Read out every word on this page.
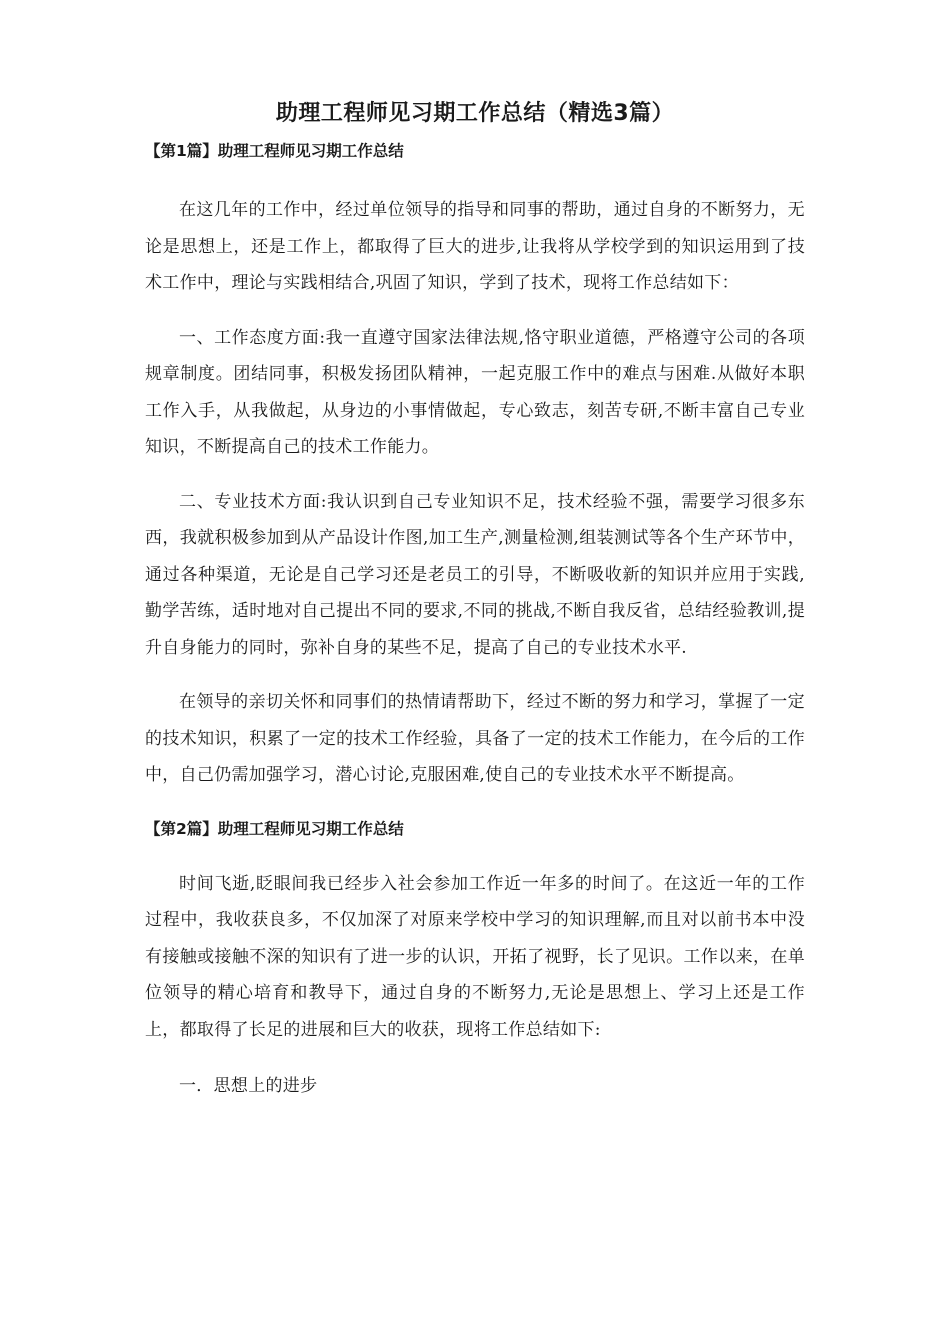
助理工程师见习期工作总结（精选3篇）
【第1篇】助理工程师见习期工作总结

在这几年的工作中，经过单位领导的指导和同事的帮助，通过自身的不断努力，无论是思想上，还是工作上，都取得了巨大的进步,让我将从学校学到的知识运用到了技术工作中，理论与实践相结合,巩固了知识，学到了技术，现将工作总结如下：

一、工作态度方面:我一直遵守国家法律法规,恪守职业道德，严格遵守公司的各项规章制度。团结同事，积极发扬团队精神，一起克服工作中的难点与困难.从做好本职工作入手，从我做起，从身边的小事情做起，专心致志，刻苦专研,不断丰富自己专业知识，不断提高自己的技术工作能力。

二、专业技术方面:我认识到自己专业知识不足，技术经验不强，需要学习很多东西，我就积极参加到从产品设计作图,加工生产,测量检测,组装测试等各个生产环节中，通过各种渠道，无论是自己学习还是老员工的引导，不断吸收新的知识并应用于实践,勤学苦练，适时地对自己提出不同的要求,不同的挑战,不断自我反省，总结经验教训,提升自身能力的同时，弥补自身的某些不足，提高了自己的专业技术水平.

在领导的亲切关怀和同事们的热情请帮助下，经过不断的努力和学习，掌握了一定的技术知识，积累了一定的技术工作经验，具备了一定的技术工作能力，在今后的工作中，自己仍需加强学习，潜心讨论,克服困难,使自己的专业技术水平不断提高。

【第2篇】助理工程师见习期工作总结

时间飞逝,眨眼间我已经步入社会参加工作近一年多的时间了。在这近一年的工作过程中，我收获良多，不仅加深了对原来学校中学习的知识理解,而且对以前书本中没有接触或接触不深的知识有了进一步的认识，开拓了视野，长了见识。工作以来，在单位领导的精心培育和教导下，通过自身的不断努力,无论是思想上、学习上还是工作上，都取得了长足的进展和巨大的收获，现将工作总结如下:

一．思想上的进步
